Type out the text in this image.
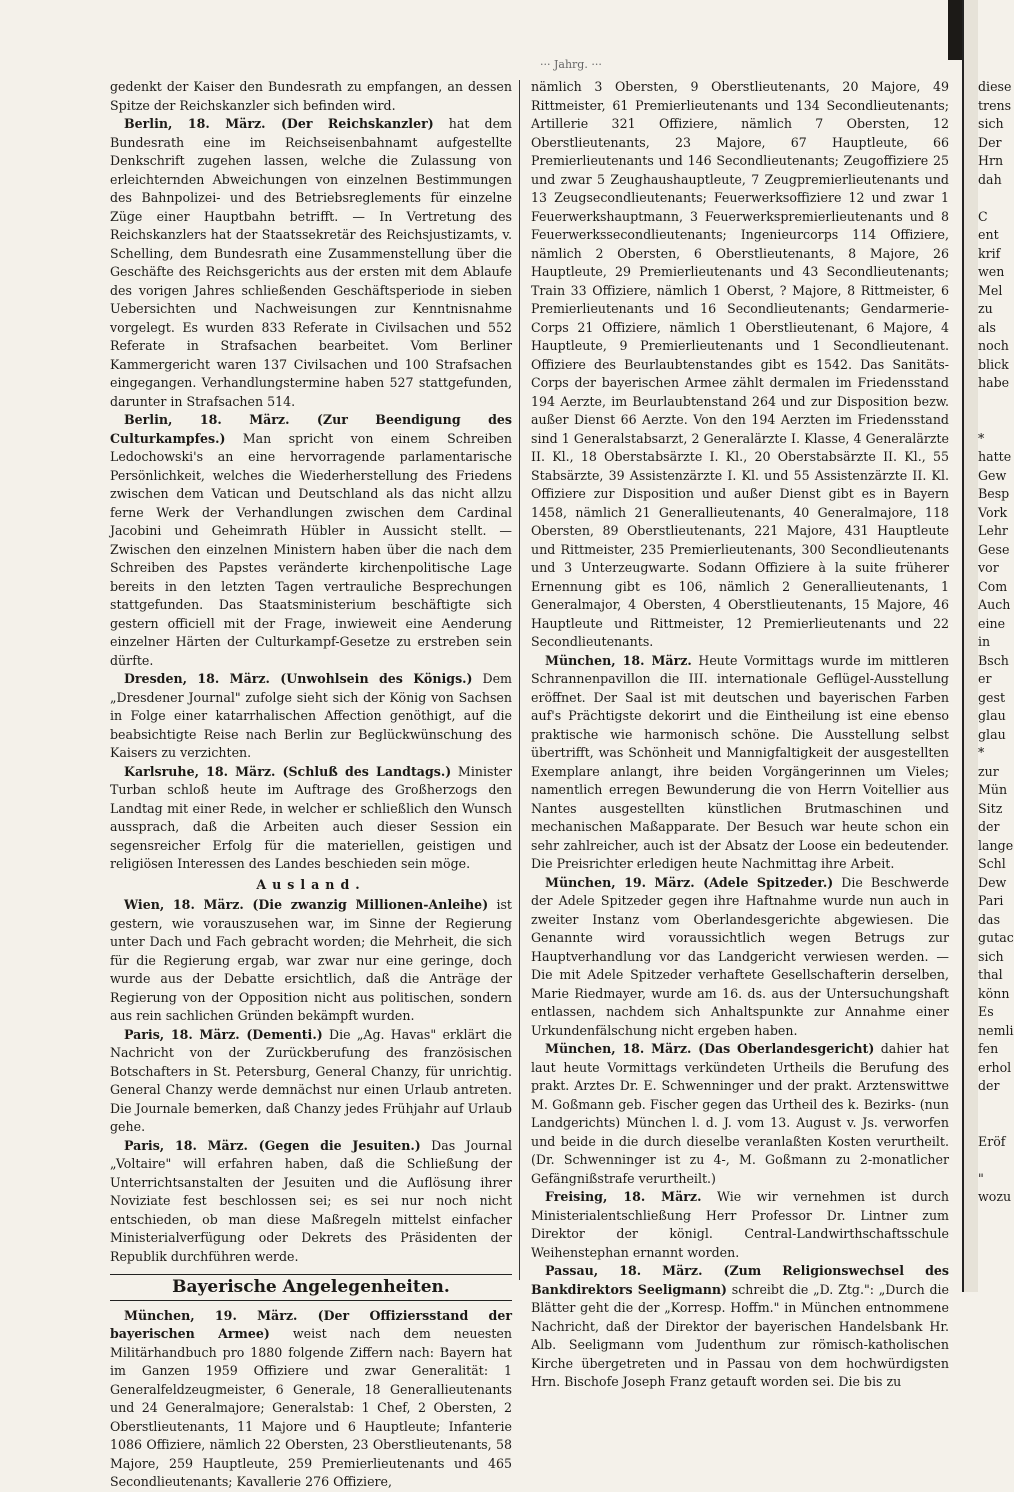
··· Jahrg. ···

gedenkt der Kaiser den Bundesrath zu empfangen, an dessen Spitze der Reichskanzler sich befinden wird.

Berlin, 18. März. (Der Reichskanzler) hat dem Bundesrath eine im Reichseisenbahnamt aufgestellte Denkschrift zugehen lassen, welche die Zulassung von erleichternden Abweichungen von einzelnen Bestimmungen des Bahnpolizei- und des Betriebsreglements für einzelne Züge einer Hauptbahn betrifft. — In Vertretung des Reichskanzlers hat der Staatssekretär des Reichsjustizamts, v. Schelling, dem Bundesrath eine Zusammenstellung über die Geschäfte des Reichsgerichts aus der ersten mit dem Ablaufe des vorigen Jahres schließenden Geschäftsperiode in sieben Uebersichten und Nachweisungen zur Kenntnisnahme vorgelegt. Es wurden 833 Referate in Civilsachen und 552 Referate in Strafsachen bearbeitet. Vom Berliner Kammergericht waren 137 Civilsachen und 100 Strafsachen eingegangen. Verhandlungstermine haben 527 stattgefunden, darunter in Strafsachen 514.

Berlin, 18. März. (Zur Beendigung des Culturkampfes.) Man spricht von einem Schreiben Ledochowski's an eine hervorragende parlamentarische Persönlichkeit, welches die Wiederherstellung des Friedens zwischen dem Vatican und Deutschland als das nicht allzu ferne Werk der Verhandlungen zwischen dem Cardinal Jacobini und Geheimrath Hübler in Aussicht stellt. — Zwischen den einzelnen Ministern haben über die nach dem Schreiben des Papstes veränderte kirchenpolitische Lage bereits in den letzten Tagen vertrauliche Besprechungen stattgefunden. Das Staatsministerium beschäftigte sich gestern officiell mit der Frage, inwieweit eine Aenderung einzelner Härten der Culturkampf-Gesetze zu erstreben sein dürfte.

Dresden, 18. März. (Unwohlsein des Königs.) Dem „Dresdener Journal" zufolge sieht sich der König von Sachsen in Folge einer katarrhalischen Affection genöthigt, auf die beabsichtigte Reise nach Berlin zur Beglückwünschung des Kaisers zu verzichten.

Karlsruhe, 18. März. (Schluß des Landtags.) Minister Turban schloß heute im Auftrage des Großherzogs den Landtag mit einer Rede, in welcher er schließlich den Wunsch aussprach, daß die Arbeiten auch dieser Session ein segensreicher Erfolg für die materiellen, geistigen und religiösen Interessen des Landes beschieden sein möge.

Ausland.

Wien, 18. März. (Die zwanzig Millionen-Anleihe) ist gestern, wie vorauszusehen war, im Sinne der Regierung unter Dach und Fach gebracht worden; die Mehrheit, die sich für die Regierung ergab, war zwar nur eine geringe, doch wurde aus der Debatte ersichtlich, daß die Anträge der Regierung von der Opposition nicht aus politischen, sondern aus rein sachlichen Gründen bekämpft wurden.

Paris, 18. März. (Dementi.) Die „Ag. Havas" erklärt die Nachricht von der Zurückberufung des französischen Botschafters in St. Petersburg, General Chanzy, für unrichtig. General Chanzy werde demnächst nur einen Urlaub antreten. Die Journale bemerken, daß Chanzy jedes Frühjahr auf Urlaub gehe.

Paris, 18. März. (Gegen die Jesuiten.) Das Journal „Voltaire" will erfahren haben, daß die Schließung der Unterrichtsanstalten der Jesuiten und die Auflösung ihrer Noviziate fest beschlossen sei; es sei nur noch nicht entschieden, ob man diese Maßregeln mittelst einfacher Ministerialverfügung oder Dekrets des Präsidenten der Republik durchführen werde.

Bayerische Angelegenheiten.

München, 19. März. (Der Offiziersstand der bayerischen Armee) weist nach dem neuesten Militärhandbuch pro 1880 folgende Ziffern nach: Bayern hat im Ganzen 1959 Offiziere und zwar Generalität: 1 Generalfeldzeugmeister, 6 Generale, 18 Generallieutenants und 24 Generalmajore; Generalstab: 1 Chef, 2 Obersten, 2 Oberstlieutenants, 11 Majore und 6 Hauptleute; Infanterie 1086 Offiziere, nämlich 22 Obersten, 23 Oberstlieutenants, 58 Majore, 259 Hauptleute, 259 Premierlieutenants und 465 Secondlieutenants; Kavallerie 276 Offiziere,

nämlich 3 Obersten, 9 Oberstlieutenants, 20 Majore, 49 Rittmeister, 61 Premierlieutenants und 134 Secondlieutenants; Artillerie 321 Offiziere, nämlich 7 Obersten, 12 Oberstlieutenants, 23 Majore, 67 Hauptleute, 66 Premierlieutenants und 146 Secondlieutenants; Zeugoffiziere 25 und zwar 5 Zeughaushauptleute, 7 Zeugpremierlieutenants und 13 Zeugsecondlieutenants; Feuerwerksoffiziere 12 und zwar 1 Feuerwerkshauptmann, 3 Feuerwerkspremierlieutenants und 8 Feuerwerkssecondlieutenants; Ingenieurcorps 114 Offiziere, nämlich 2 Obersten, 6 Oberstlieutenants, 8 Majore, 26 Hauptleute, 29 Premierlieutenants und 43 Secondlieutenants; Train 33 Offiziere, nämlich 1 Oberst, ? Majore, 8 Rittmeister, 6 Premierlieutenants und 16 Secondlieutenants; Gendarmerie-Corps 21 Offiziere, nämlich 1 Oberstlieutenant, 6 Majore, 4 Hauptleute, 9 Premierlieutenants und 1 Secondlieutenant. Offiziere des Beurlaubtenstandes gibt es 1542. Das Sanitäts-Corps der bayerischen Armee zählt dermalen im Friedensstand 194 Aerzte, im Beurlaubtenstand 264 und zur Disposition bezw. außer Dienst 66 Aerzte. Von den 194 Aerzten im Friedensstand sind 1 Generalstabsarzt, 2 Generalärzte I. Klasse, 4 Generalärzte II. Kl., 18 Oberstabsärzte I. Kl., 20 Oberstabsärzte II. Kl., 55 Stabsärzte, 39 Assistenzärzte I. Kl. und 55 Assistenzärzte II. Kl. Offiziere zur Disposition und außer Dienst gibt es in Bayern 1458, nämlich 21 Generallieutenants, 40 Generalmajore, 118 Obersten, 89 Oberstlieutenants, 221 Majore, 431 Hauptleute und Rittmeister, 235 Premierlieutenants, 300 Secondlieutenants und 3 Unterzeugwarte. Sodann Offiziere à la suite früherer Ernennung gibt es 106, nämlich 2 Generallieutenants, 1 Generalmajor, 4 Obersten, 4 Oberstlieutenants, 15 Majore, 46 Hauptleute und Rittmeister, 12 Premierlieutenants und 22 Secondlieutenants.

München, 18. März. Heute Vormittags wurde im mittleren Schrannenpavillon die III. internationale Geflügel-Ausstellung eröffnet. Der Saal ist mit deutschen und bayerischen Farben auf's Prächtigste dekorirt und die Eintheilung ist eine ebenso praktische wie harmonisch schöne. Die Ausstellung selbst übertrifft, was Schönheit und Mannigfaltigkeit der ausgestellten Exemplare anlangt, ihre beiden Vorgängerinnen um Vieles; namentlich erregen Bewunderung die von Herrn Voitellier aus Nantes ausgestellten künstlichen Brutmaschinen und mechanischen Maßapparate. Der Besuch war heute schon ein sehr zahlreicher, auch ist der Absatz der Loose ein bedeutender. Die Preisrichter erledigen heute Nachmittag ihre Arbeit.

München, 19. März. (Adele Spitzeder.) Die Beschwerde der Adele Spitzeder gegen ihre Haftnahme wurde nun auch in zweiter Instanz vom Oberlandesgerichte abgewiesen. Die Genannte wird voraussichtlich wegen Betrugs zur Hauptverhandlung vor das Landgericht verwiesen werden. — Die mit Adele Spitzeder verhaftete Gesellschafterin derselben, Marie Riedmayer, wurde am 16. ds. aus der Untersuchungshaft entlassen, nachdem sich Anhaltspunkte zur Annahme einer Urkundenfälschung nicht ergeben haben.

München, 18. März. (Das Oberlandesgericht) dahier hat laut heute Vormittags verkündeten Urtheils die Berufung des prakt. Arztes Dr. E. Schwenninger und der prakt. Arztenswittwe M. Goßmann geb. Fischer gegen das Urtheil des k. Bezirks- (nun Landgerichts) München l. d. J. vom 13. August v. Js. verworfen und beide in die durch dieselbe veranlaßten Kosten verurtheilt. (Dr. Schwenninger ist zu 4-, M. Goßmann zu 2-monatlicher Gefängnißstrafe verurtheilt.)

Freising, 18. März. Wie wir vernehmen ist durch Ministerialentschließung Herr Professor Dr. Lintner zum Direktor der königl. Central-Landwirthschaftsschule Weihenstephan ernannt worden.

Passau, 18. März. (Zum Religionswechsel des Bankdirektors Seeligmann) schreibt die „D. Ztg.": „Durch die Blätter geht die der „Korresp. Hoffm." in München entnommene Nachricht, daß der Direktor der bayerischen Handelsbank Hr. Alb. Seeligmann vom Judenthum zur römisch-katholischen Kirche übergetreten und in Passau von dem hochwürdigsten Hrn. Bischofe Joseph Franz getauft worden sei. Die bis zu

diese
trens
sich
Der
Hrn
dah

C
ent
krif
wen
Mel
zu
als
noch
blick
habe

*
hatte
Gew
Besp
Vork
Lehr
Gese
vor
Com
Auch
eine
in
Bsch
er
gest
glau
glau
*
zur
Mün
Sitz
der
lange
Schl
Dew
Pari
das
gutac
sich
thal
könn
Es
nemli
fen
erhol
der

Eröf

"
wozu
